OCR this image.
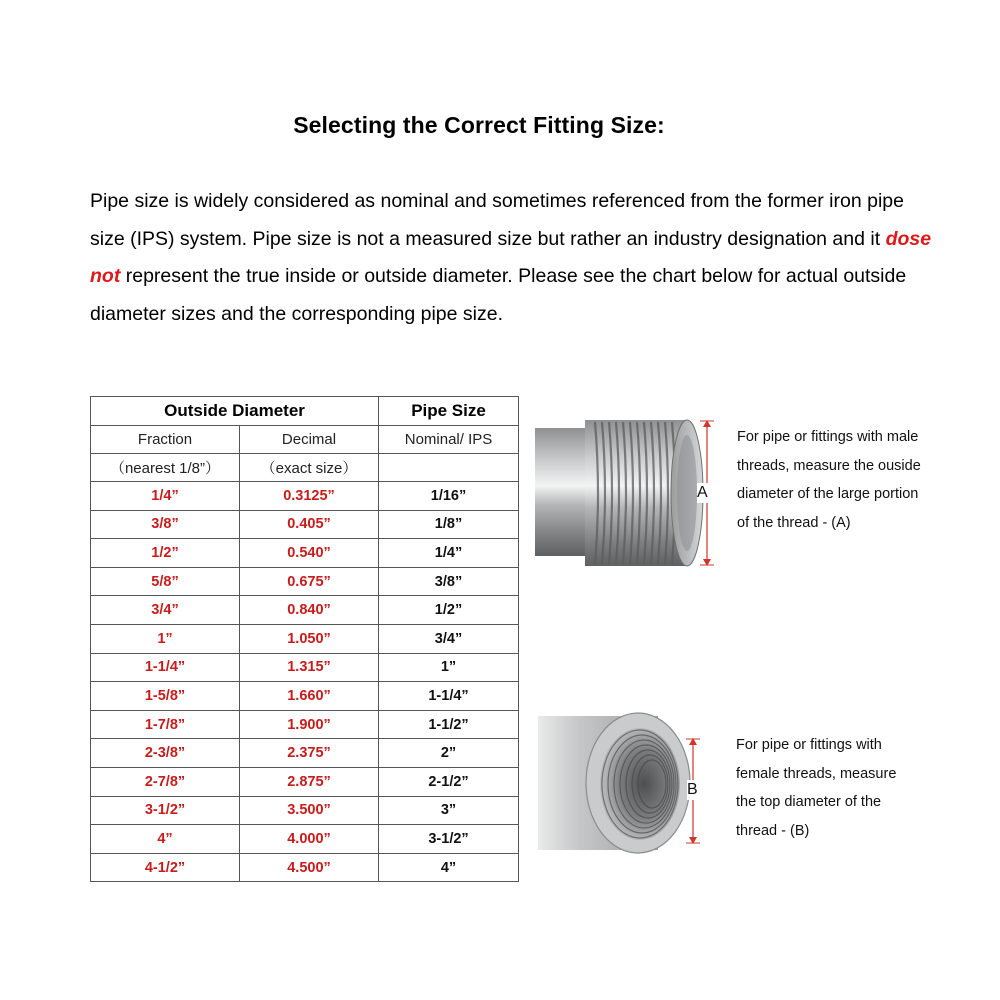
Selecting the Correct Fitting Size:
Pipe size is widely considered as nominal and sometimes referenced from the former iron pipe size (IPS) system. Pipe size is not a measured size but rather an industry designation and it dose not represent the true inside or outside diameter. Please see the chart below for actual outside diameter sizes and the corresponding pipe size.
Outside Diameter		Pipe Size
Fraction	Decimal	Nominal/ IPS
（nearest 1/8”）	（exact size）	
1/4”	0.3125”	1/16”
3/8”	0.405”	1/8”
1/2”	0.540”	1/4”
5/8”	0.675”	3/8”
3/4”	0.840”	1/2”
1”	1.050”	3/4”
1-1/4”	1.315”	1”
1-5/8”	1.660”	1-1/4”
1-7/8”	1.900”	1-1/2”
2-3/8”	2.375”	2”
2-7/8”	2.875”	2-1/2”
3-1/2”	3.500”	3”
4”	4.000”	3-1/2”
4-1/2”	4.500”	4”
A
For pipe or fittings with male
threads, measure the ouside
diameter of the large portion
of the thread - (A)
B
For pipe or fittings with
female threads, measure
the top diameter of the
thread - (B)
